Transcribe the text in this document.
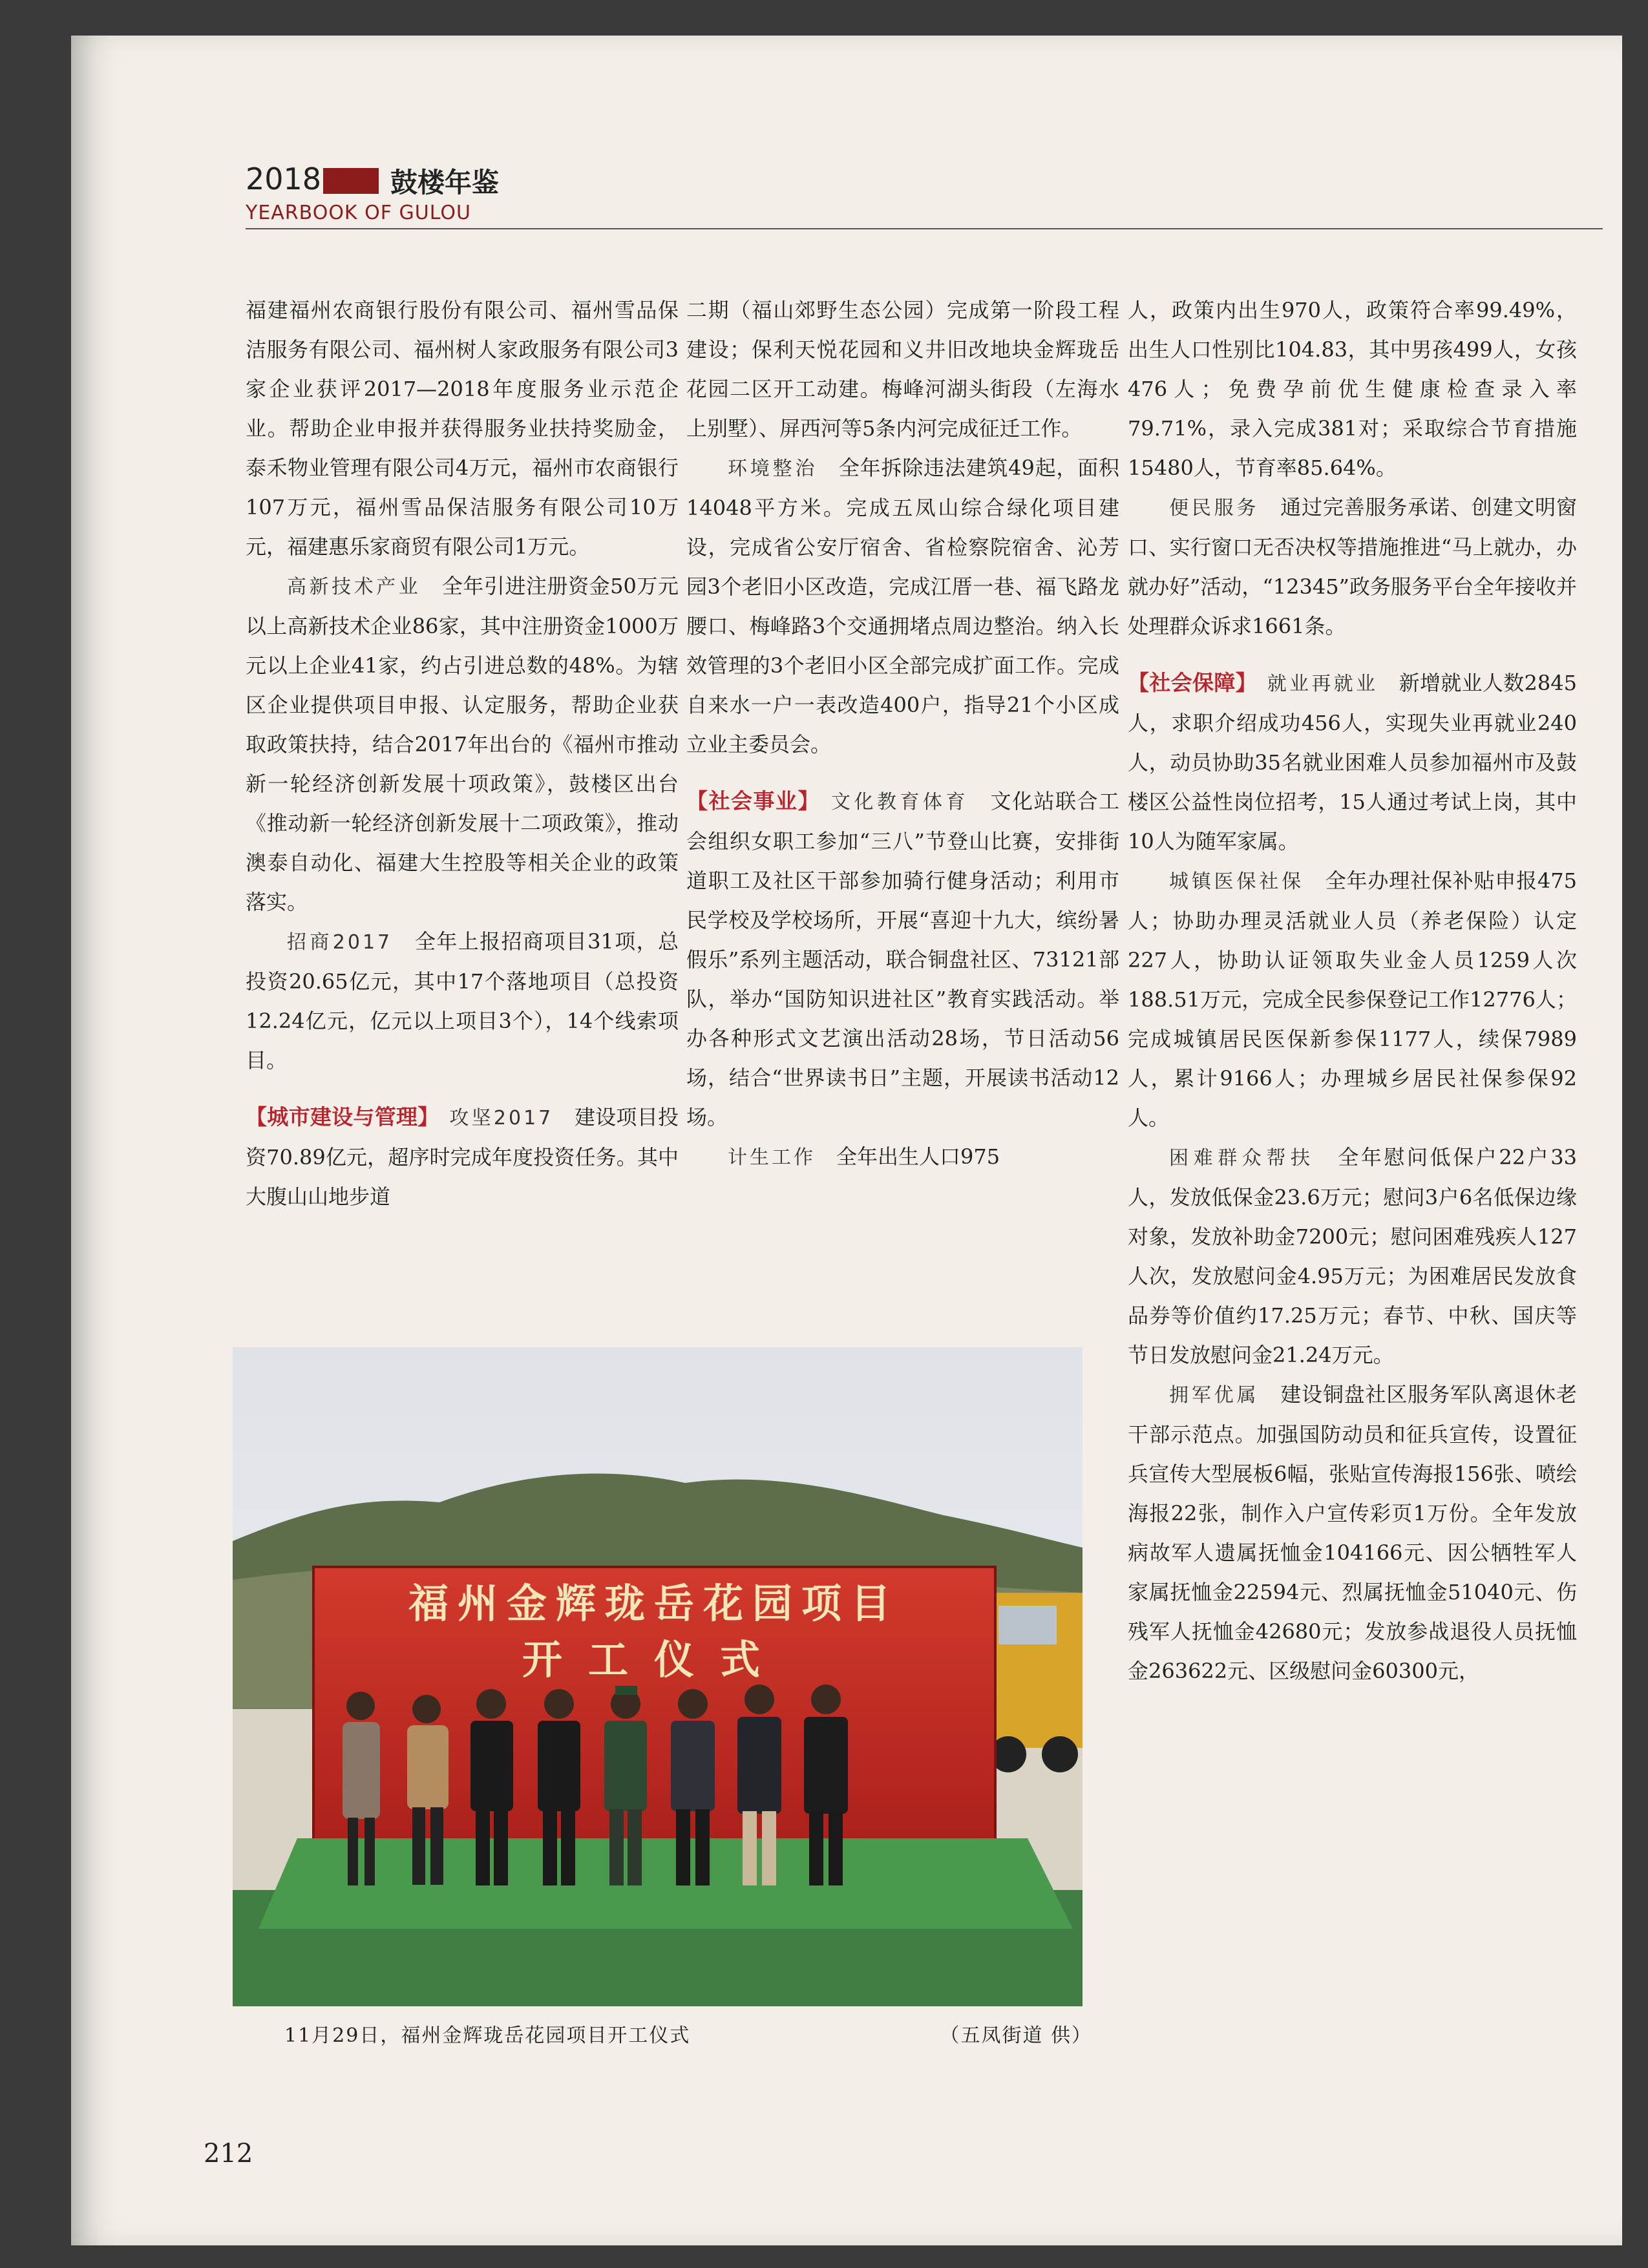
2018	鼓楼年鉴
YEARBOOK OF GULOU

福建福州农商银行股份有限公司、福州雪品保洁服务有限公司、福州树人家政服务有限公司3家企业获评2017—2018年度服务业示范企业。帮助企业申报并获得服务业扶持奖励金，泰禾物业管理有限公司4万元，福州市农商银行107万元，福州雪品保洁服务有限公司10万元，福建惠乐家商贸有限公司1万元。

高新技术产业　 全年引进注册资金50万元以上高新技术企业86家，其中注册资金1000万元以上企业41家，约占引进总数的48%。为辖区企业提供项目申报、认定服务，帮助企业获取政策扶持，结合2017年出台的《福州市推动新一轮经济创新发展十项政策》，鼓楼区出台《推动新一轮经济创新发展十二项政策》，推动澳泰自动化、福建大生控股等相关企业的政策落实。

招商2017　 全年上报招商项目31项，总投资20.65亿元，其中17个落地项目（总投资12.24亿元，亿元以上项目3个），14个线索项目。

【城市建设与管理】　 攻坚2017　 建设项目投资70.89亿元，超序时完成年度投资任务。其中大腹山山地步道

二期（福山郊野生态公园）完成第一阶段工程建设；保利天悦花园和义井旧改地块金辉珑岳花园二区开工动建。梅峰河湖头街段（左海水上别墅）、屏西河等5条内河完成征迁工作。

环境整治　 全年拆除违法建筑49起，面积14048平方米。完成五凤山综合绿化项目建设，完成省公安厅宿舍、省检察院宿舍、沁芳园3个老旧小区改造，完成江厝一巷、福飞路龙腰口、梅峰路3个交通拥堵点周边整治。纳入长效管理的3个老旧小区全部完成扩面工作。完成自来水一户一表改造400户，指导21个小区成立业主委员会。

【社会事业】　 文化教育体育　 文化站联合工会组织女职工参加“三八”节登山比赛，安排街道职工及社区干部参加骑行健身活动；利用市民学校及学校场所，开展“喜迎十九大，缤纷暑假乐”系列主题活动，联合铜盘社区、73121部队，举办“国防知识进社区”教育实践活动。举办各种形式文艺演出活动28场，节日活动56场，结合“世界读书日”主题，开展读书活动12场。

计生工作　 全年出生人口975

人，政策内出生970人，政策符合率99.49%，出生人口性别比104.83，其中男孩499人，女孩476人；免费孕前优生健康检查录入率79.71%，录入完成381对；采取综合节育措施15480人，节育率85.64%。

便民服务　 通过完善服务承诺、创建文明窗口、实行窗口无否决权等措施推进“马上就办，办就办好”活动，“12345”政务服务平台全年接收并处理群众诉求1661条。

【社会保障】　 就业再就业　 新增就业人数2845人，求职介绍成功456人，实现失业再就业240人，动员协助35名就业困难人员参加福州市及鼓楼区公益性岗位招考，15人通过考试上岗，其中10人为随军家属。

城镇医保社保　 全年办理社保补贴申报475人；协助办理灵活就业人员（养老保险）认定227人，协助认证领取失业金人员1259人次188.51万元，完成全民参保登记工作12776人；完成城镇居民医保新参保1177人，续保7989人，累计9166人；办理城乡居民社保参保92人。

困难群众帮扶　 全年慰问低保户22户33人，发放低保金23.6万元；慰问3户6名低保边缘对象，发放补助金7200元；慰问困难残疾人127人次，发放慰问金4.95万元；为困难居民发放食品券等价值约17.25万元；春节、中秋、国庆等节日发放慰问金21.24万元。

拥军优属　 建设铜盘社区服务军队离退休老干部示范点。加强国防动员和征兵宣传，设置征兵宣传大型展板6幅，张贴宣传海报156张、喷绘海报22张，制作入户宣传彩页1万份。全年发放病故军人遗属抚恤金104166元、因公牺牲军人家属抚恤金22594元、烈属抚恤金51040元、伤残军人抚恤金42680元；发放参战退役人员抚恤金263622元、区级慰问金60300元，

福州金辉珑岳花园项目
开工仪式
11月29日，福州金辉珑岳花园项目开工仪式	（五凤街道 供）
212
